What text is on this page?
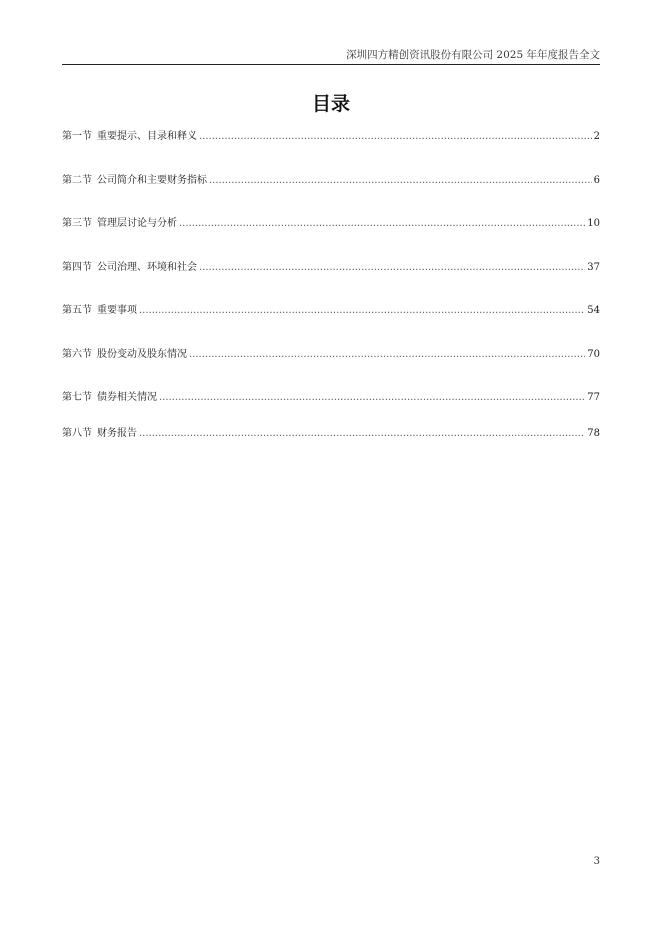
深圳四方精创资讯股份有限公司 2025 年年度报告全文
目录
第一节 重要提示、目录和释义 .....	2
第二节 公司简介和主要财务指标 .....	6
第三节 管理层讨论与分析 .....	10
第四节 公司治理、环境和社会 .....	37
第五节 重要事项 .....	54
第六节 股份变动及股东情况 .....	70
第七节 债券相关情况 .....	77
第八节 财务报告 .....	78
3
